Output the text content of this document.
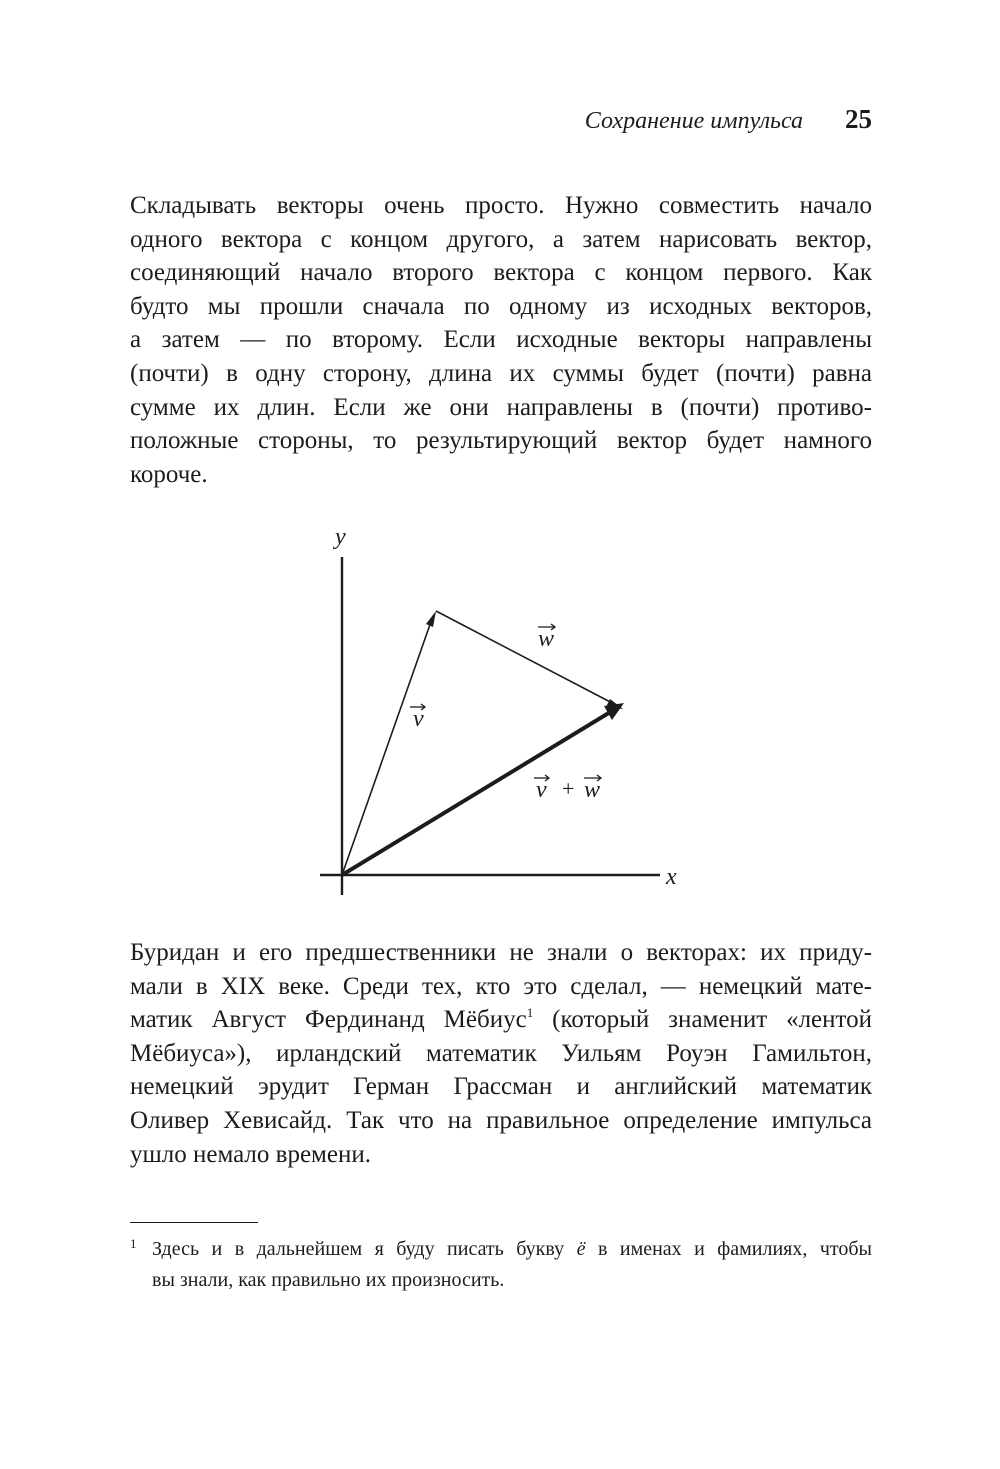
Сохранение импульса 25
Складывать векторы очень просто. Нужно совместить начало
одного вектора с концом другого, а затем нарисовать вектор,
соединяющий начало второго вектора с концом первого. Как
будто мы прошли сначала по одному из исходных векторов,
а затем — по второму. Если исходные векторы направлены
(почти) в одну сторону, длина их суммы будет (почти) равна
сумме их длин. Если же они направлены в (почти) противо-
положные стороны, то результирующий вектор будет намного
короче.
y
x
v
w
v + w
Буридан и его предшественники не знали о векторах: их приду-
мали в XIX веке. Среди тех, кто это сделал, — немецкий мате-
матик Август Фердинанд Мёбиус$^1$ (который знаменит «лентой
Мёбиуса»), ирландский математик Уильям Роуэн Гамильтон,
немецкий эрудит Герман Грассман и английский математик
Оливер Хевисайд. Так что на правильное определение импульса
ушло немало времени.
1 Здесь и в дальнейшем я буду писать букву ё в именах и фамилиях, чтобы
вы знали, как правильно их произносить.
